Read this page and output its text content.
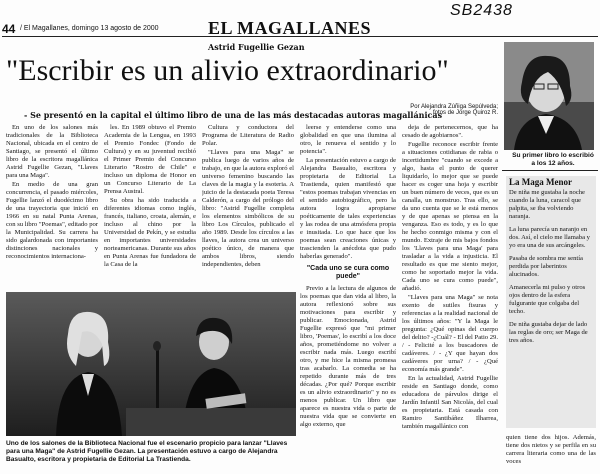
44 / El Magallanes, domingo 13 agosto de 2000	EL MAGALLANES
SB2438
Astrid Fugellie Gezan
"Escribir es un alivio extraordinario"
- Se presentó en la capital el último libro de una de las más destacadas autoras magallánicas
Por Alejandra Zúñiga Sepúlveda; fotos de Jorge Quiroz R.
Su primer libro lo escribió a los 12 años.

En uno de los salones más tradicionales de la Biblioteca Nacional, ubicada en el centro de Santiago, se presentó el último libro de la escritora magallánica Astrid Fugellie Gezan, "Llaves para una Maga".

En medio de una gran concurrencia, el pasado miércoles, Fugellie lanzó el duodécimo libro de una trayectoria que inició en 1966 en su natal Punta Arenas, con su libro "Poemas", editado por la Municipalidad. Su carrera ha sido galardonada con importantes distinciones nacionales y reconocimientos internaciona-

les. En 1989 obtuvo el Premio Academia de la Lengua, en 1993 el Premio Fondec (Fondo de Cultura) y en su juventud recibió el Primer Premio del Concurso Literario "Rostro de Chile" e incluso un diploma de Honor en un Concurso Literario de La Prensa Austral.

Su obra ha sido traducida a diferentes idiomas como inglés, francés, italiano, croata, alemán, e incluso al chino por la Universidad de Pekín, y se estudia en importantes universidades norteamericanas. Durante sus años en Punta Arenas fue fundadora de la Casa de la

Cultura y conductora del Programa de Literatura de Radio Polar.

"Llaves para una Maga" se publica luego de varios años de trabajo, en que la autora exploró el universo femenino buscando las claves de la magia y la esoteria. A juicio de la destacada poeta Teresa Calderón, a cargo del prólogo del libro: "Astrid Fugellie completa los elementos simbólicos de su libro Los Círculos, publicado el año 1989. Desde los círculos a las llaves, la autora crea un universo poético único, de manera que ambos libros, siendo independientes, deben

leerse y entenderse como una globalidad en que una ilumina al otro, le renueva el sentido y lo potencia".

La presentación estuvo a cargo de Alejandra Basualto, escritora y propietaria de Editorial La Trastienda, quien manifestó que "estos poemas trabajan vivencias en el sentido autobiográfico, pero la autora logra apropiarse poéticamente de tales experiencias y las rodea de una atmósfera propia e inusitada. Lo que hace que los poemas sean creaciones únicas y trascienden la anécdota que pudo haberlas generado".

"Cada uno se cura como puede"

Previo a la lectura de algunos de los poemas que dan vida al libro, la autora reflexionó sobre sus motivaciones para escribir y publicar. Emocionada, Astrid Fugellie expresó que "mi primer libro, 'Poemas', lo escribí a los doce años, prometiéndome no volver a escribir nada más. Luego escribí otro, y me hice la misma promesa tras acabarlo. La comedia se ha repetido durante más de tres décadas. ¿Por qué? Porque escribir es un alivio extraordinario" y no es menos publicar. Un libro que aparece es nuestra vida o parte de nuestra vida que se convierte en algo externo, que

deja de pertenecernos, que ha cesado de agobiarnos".

Fugellie reconoce escribir frente a situaciones cotidianas de rabia o incertidumbre "cuando se excede a algo, hasta el punto de querer liquidarlo, lo mejor que se puede hacer es coger una hoja y escribir un buen número de veces, que es un canalla, un monstruo. Tras ello, se da uno cuenta que se le está menos y de que apenas se piensa en la venganza. Eso es todo, y es lo que he hecho conmigo misma y con el mundo. Extraje de mis bajos fondos los 'Llaves para una Maga' para trasladar a la vida a injusticia. El resultado es que me siento mejor, como he soportado mejor la vida. Cada uno se cura como puede", añadió.

"Llaves para una Maga" se nota exento de sutiles fisuras y referencias a la realidad nacional de los últimos años: "Y la Maga le pregunta: ¿Qué opinas del cuerpo del delito? -¿Cuál? - El del Patio 29. / - Felicité a los buscadores de cadáveres. / - ¿Y que hayan dos cadáveres por urna? / - ¿Qué economía más grande".

En la actualidad, Astrid Fugellie reside en Santiago donde, como educadora de párvulos dirige el Jardín Infantil San Nicolás, del cual es propietaria. Está casada con Ramiro Santibáñez Ilharrea, también magallánico con

Uno de los salones de la Biblioteca Nacional fue el escenario propicio para lanzar "Llaves para una Maga" de Astrid Fugellie Gezan. La presentación estuvo a cargo de Alejandra Basualto, escritora y propietaria de Editorial La Trastienda.
La Maga Menor
De niña me gustaba la noche cuando la luna, caracol que palpita, se iba volviendo naranja.
La luna parecía un naranjo en dos. Así, el cielo me llamaba y yo era una de sus arcángeles.
Pasaba de sombra me sentía perdida por laberintos alucinados.
Amanecerla mi pulso y otros ojos dentro de la esfera fulgurante que colgaba del techo.
De niña gustaba dejar de lado las reglas de oro; ser Maga de tres años.
quien tiene dos hijos. Además, tiene dos nietos y se perfila en su carrera literaria como una de las voces
